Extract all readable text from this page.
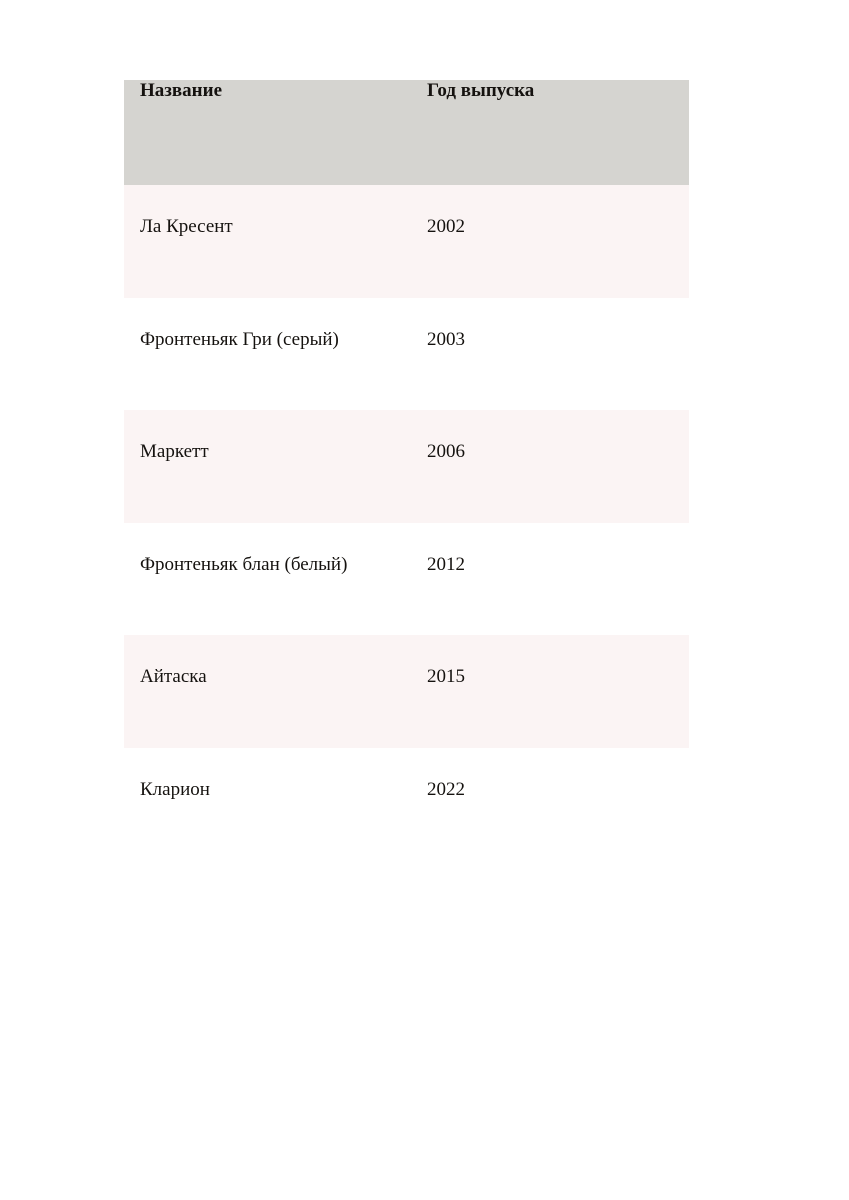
Название	Год выпуска
Ла Кресент	2002
Фронтеньяк Гри (серый)	2003
Маркетт	2006
Фронтеньяк блан (белый)	2012
Айтаска	2015
Кларион	2022
